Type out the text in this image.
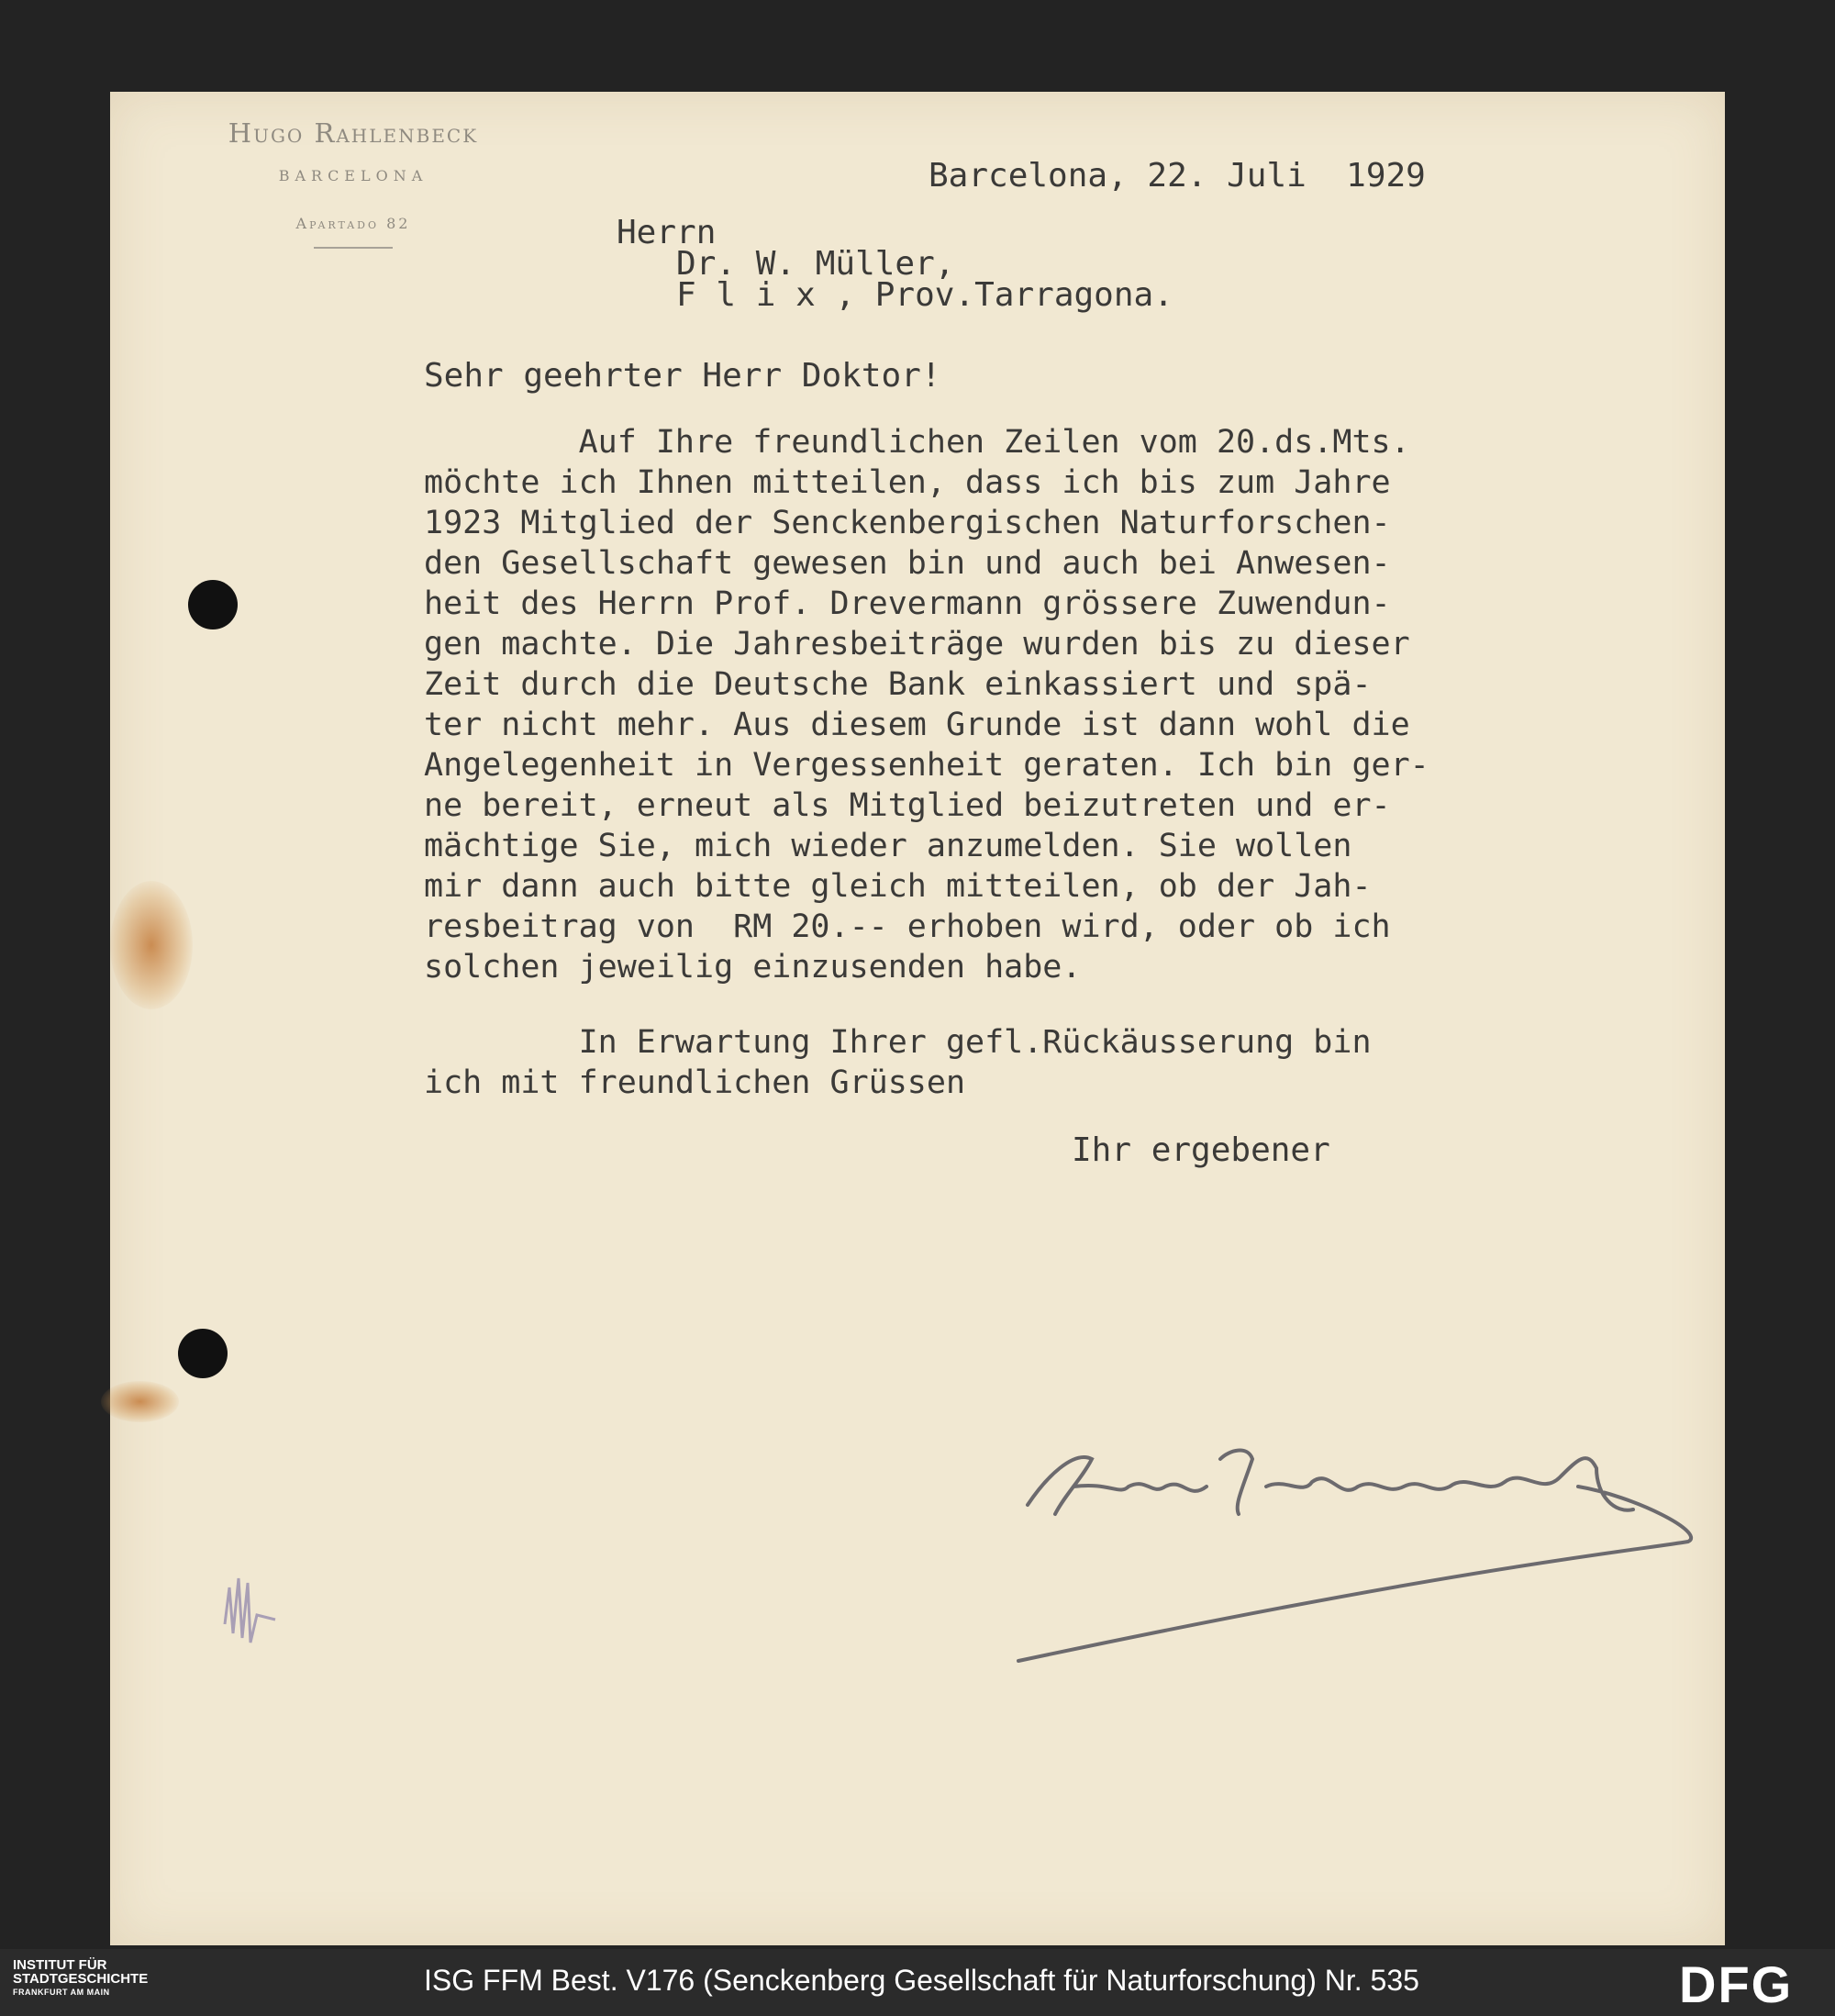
Hugo Rahlenbeck
BARCELONA
Apartado 82
Barcelona, 22. Juli  1929
Herrn
Dr. W. Müller,
F l i x , Prov.Tarragona.
Sehr geehrter Herr Doktor!
Auf Ihre freundlichen Zeilen vom 20.ds.Mts.
möchte ich Ihnen mitteilen, dass ich bis zum Jahre
1923 Mitglied der Senckenbergischen Naturforschen-
den Gesellschaft gewesen bin und auch bei Anwesen-
heit des Herrn Prof. Drevermann grössere Zuwendun-
gen machte. Die Jahresbeiträge wurden bis zu dieser
Zeit durch die Deutsche Bank einkassiert und spä-
ter nicht mehr. Aus diesem Grunde ist dann wohl die
Angelegenheit in Vergessenheit geraten. Ich bin ger-
ne bereit, erneut als Mitglied beizutreten und er-
mächtige Sie, mich wieder anzumelden. Sie wollen
mir dann auch bitte gleich mitteilen, ob der Jah-
resbeitrag von  RM 20.-- erhoben wird, oder ob ich
solchen jeweilig einzusenden habe.
In Erwartung Ihrer gefl.Rückäusserung bin
ich mit freundlichen Grüssen
Ihr ergebener
INSTITUT FÜR
STADTGESCHICHTE
FRANKFURT AM MAIN	ISG FFM Best. V176 (Senckenberg Gesellschaft für Naturforschung) Nr. 535	DFG
